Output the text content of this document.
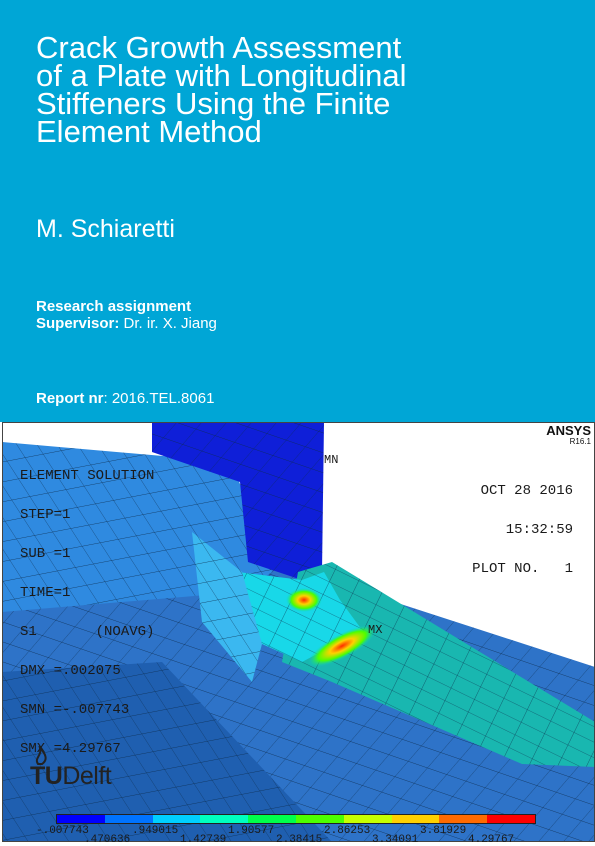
Crack Growth Assessment
of a Plate with Longitudinal
Stiffeners Using the Finite
Element Method
M. Schiaretti
Research assignment
Supervisor: Dr. ir. X. Jiang
Report nr: 2016.TEL.8061
ANSYS
R16.1

ELEMENT SOLUTION

STEP=1

SUB =1

TIME=1

S1       (NOAVG)

DMX =.002075

SMN =-.007743

SMX =4.29767

OCT 28 2016

15:32:59

PLOT NO.   1

MN
MX
TUDelft
-.007743	.949015	1.90577	2.86253	3.81929
.470636	1.42739	2.38415	3.34091	4.29767
